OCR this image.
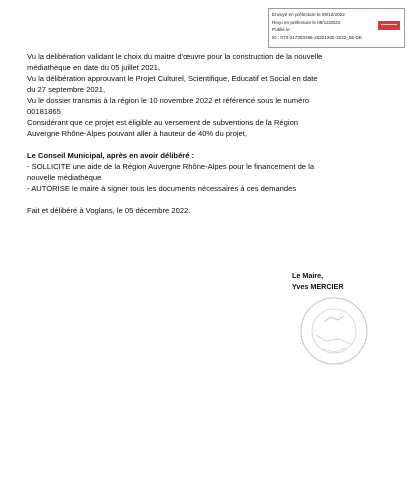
Envoyé en préfecture le 09/12/2022
Reçu en préfecture le 09/12/2022
Publié le
ID : 073-217303296-20221205-2022_55-DE

Vu la délibération validant le choix du maitre d'œuvre pour la construction de la nouvelle
médiathèque en date du 05 juillet 2021,

Vu la délibération approuvant le Projet Culturel, Scientifique, Educatif et Social en date
du 27 septembre 2021,

Vu le dossier transmis à la région le 10 novembre 2022 et référencé sous le numéro
00181865

Considérant que ce projet est éligible au versement de subventions de la Région
Auvergne Rhône-Alpes pouvant aller à hauteur de 40% du projet,

Le Conseil Municipal, après en avoir délibéré :

- SOLLICITE une aide de la Région Auvergne Rhône-Alpes pour le financement de la
nouvelle médiathèque

- AUTORISE le maire à signer tous les documents nécessaires à ces demandes

Fait et délibéré à Voglans, le 05 décembre 2022.

Le Maire,
Yves MERCIER
